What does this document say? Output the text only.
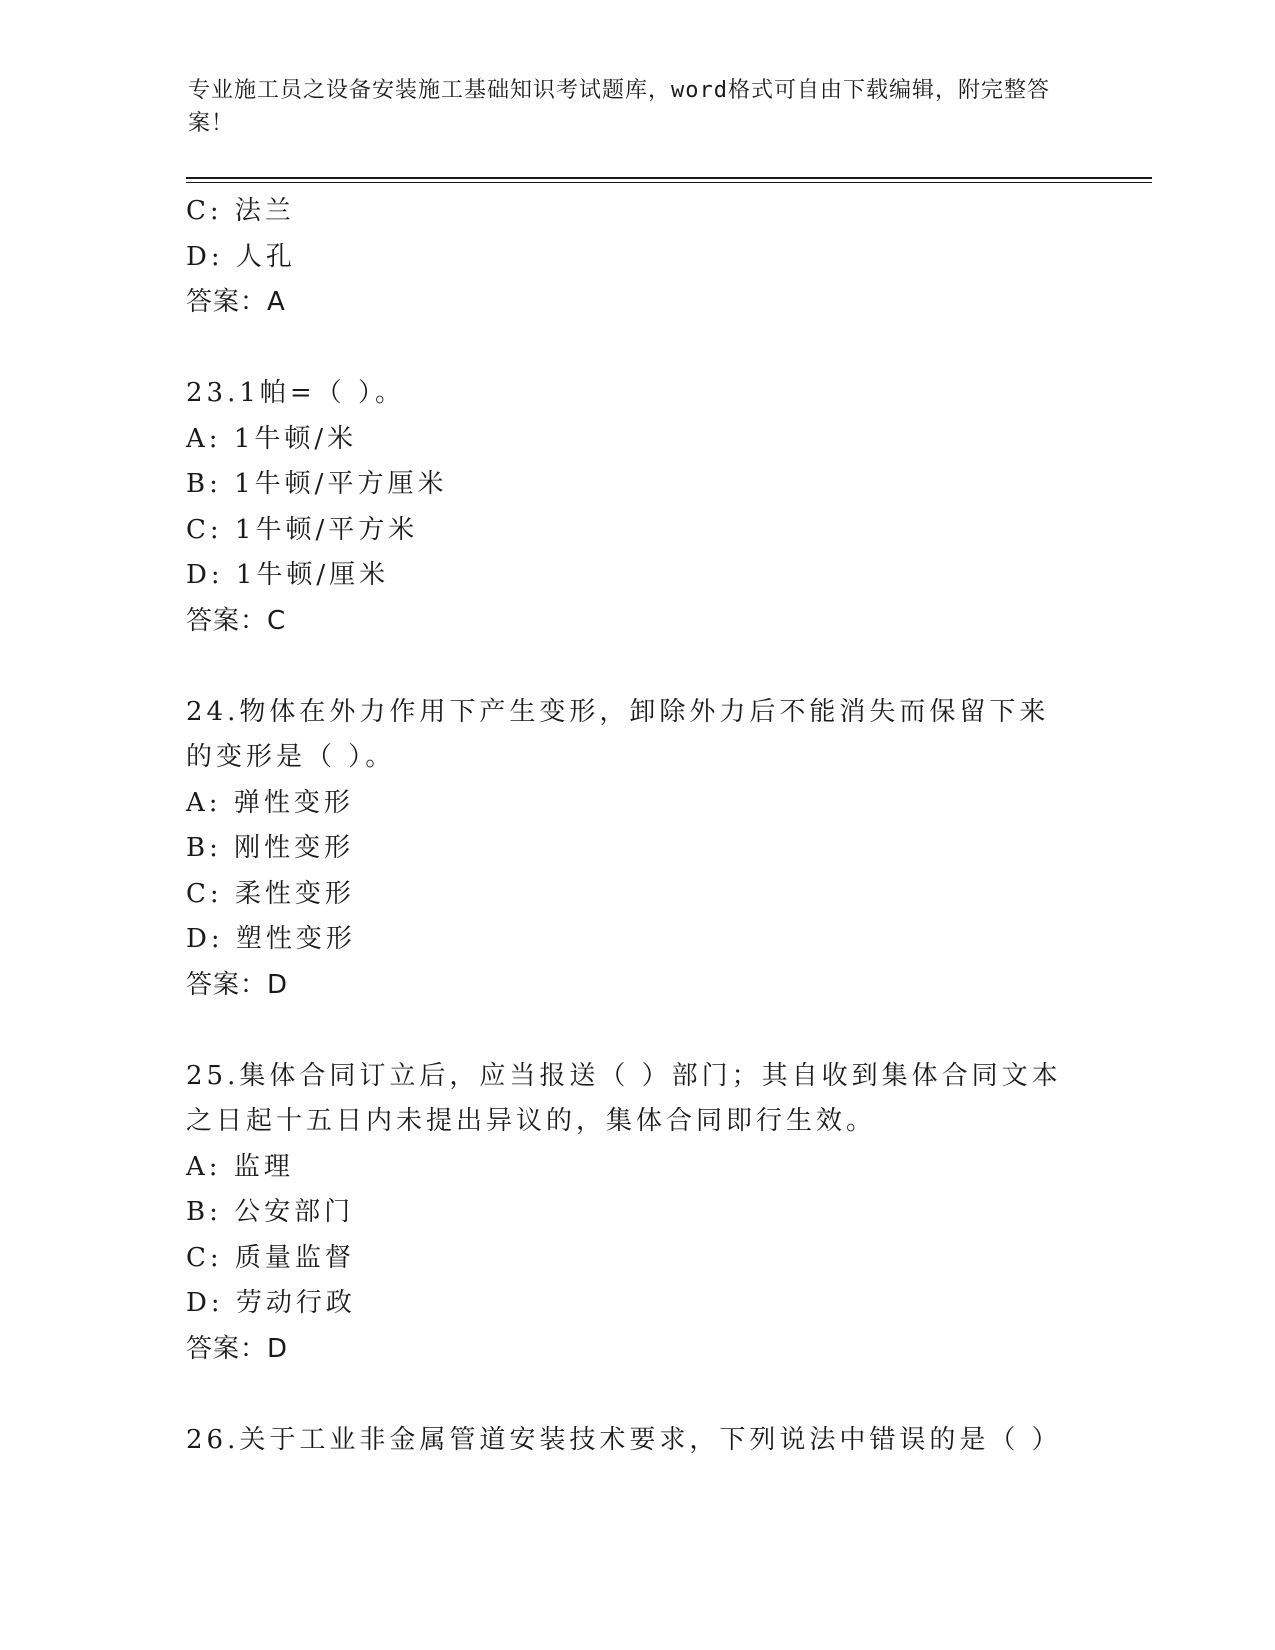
专业施工员之设备安装施工基础知识考试题库，word格式可自由下载编辑，附完整答案！
C: 法兰
D: 人孔
答案：A
23.1帕=（ ）。
A: 1牛顿/米
B: 1牛顿/平方厘米
C: 1牛顿/平方米
D: 1牛顿/厘米
答案：C
24.物体在外力作用下产生变形，卸除外力后不能消失而保留下来的变形是（ ）。
A: 弹性变形
B: 刚性变形
C: 柔性变形
D: 塑性变形
答案：D
25.集体合同订立后，应当报送（ ）部门；其自收到集体合同文本之日起十五日内未提出异议的，集体合同即行生效。
A: 监理
B: 公安部门
C: 质量监督
D: 劳动行政
答案：D
26.关于工业非金属管道安装技术要求，下列说法中错误的是（ ）
